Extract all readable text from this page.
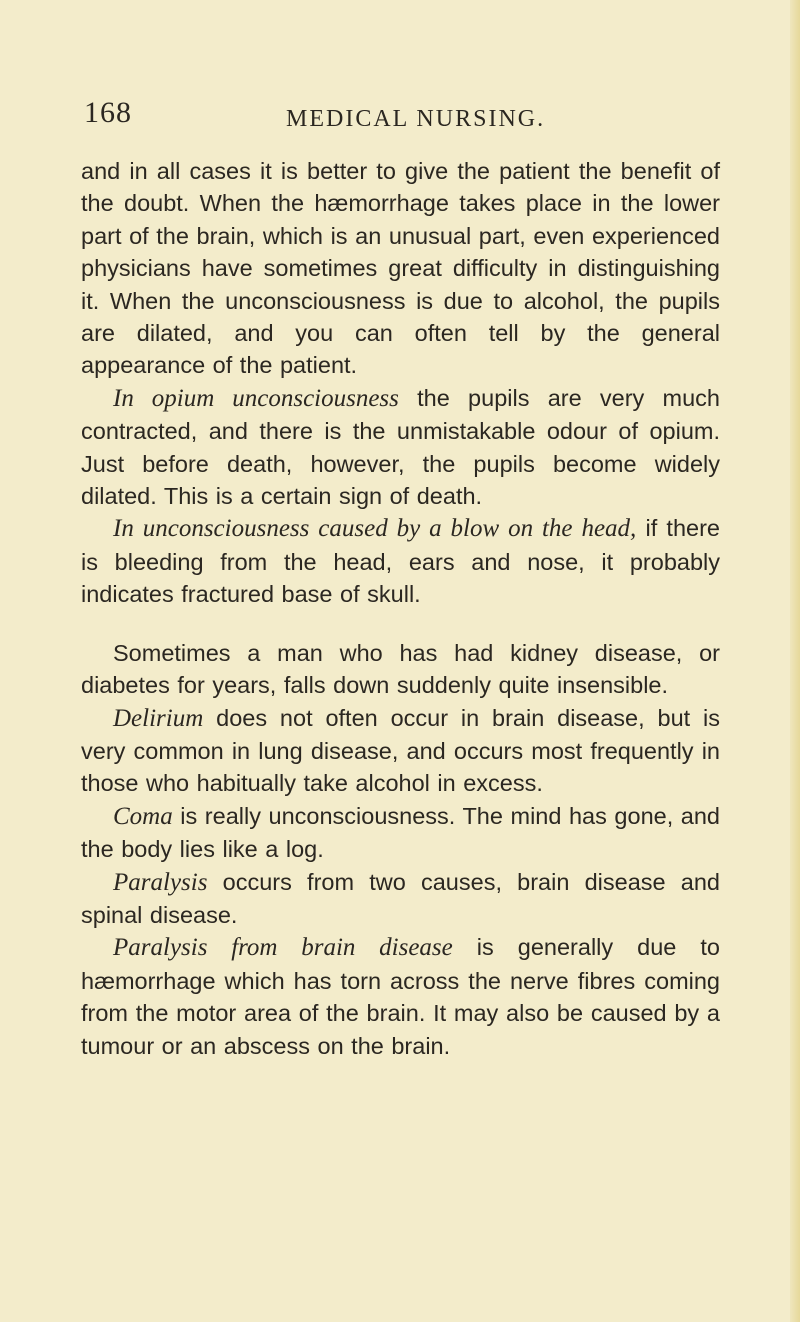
168	MEDICAL NURSING.

and in all cases it is better to give the patient the benefit of the doubt. When the hæmorrhage takes place in the lower part of the brain, which is an unusual part, even experienced physicians have sometimes great difficulty in distinguishing it. When the unconsciousness is due to alcohol, the pupils are dilated, and you can often tell by the general appearance of the patient.

In opium unconsciousness the pupils are very much contracted, and there is the unmistakable odour of opium. Just before death, however, the pupils become widely dilated. This is a certain sign of death.

In unconsciousness caused by a blow on the head, if there is bleeding from the head, ears and nose, it probably indicates fractured base of skull.

Sometimes a man who has had kidney disease, or diabetes for years, falls down suddenly quite insensible.

Delirium does not often occur in brain disease, but is very common in lung disease, and occurs most frequently in those who habitually take alcohol in excess.

Coma is really unconsciousness. The mind has gone, and the body lies like a log.

Paralysis occurs from two causes, brain disease and spinal disease.

Paralysis from brain disease is generally due to hæmorrhage which has torn across the nerve fibres coming from the motor area of the brain. It may also be caused by a tumour or an abscess on the brain.
